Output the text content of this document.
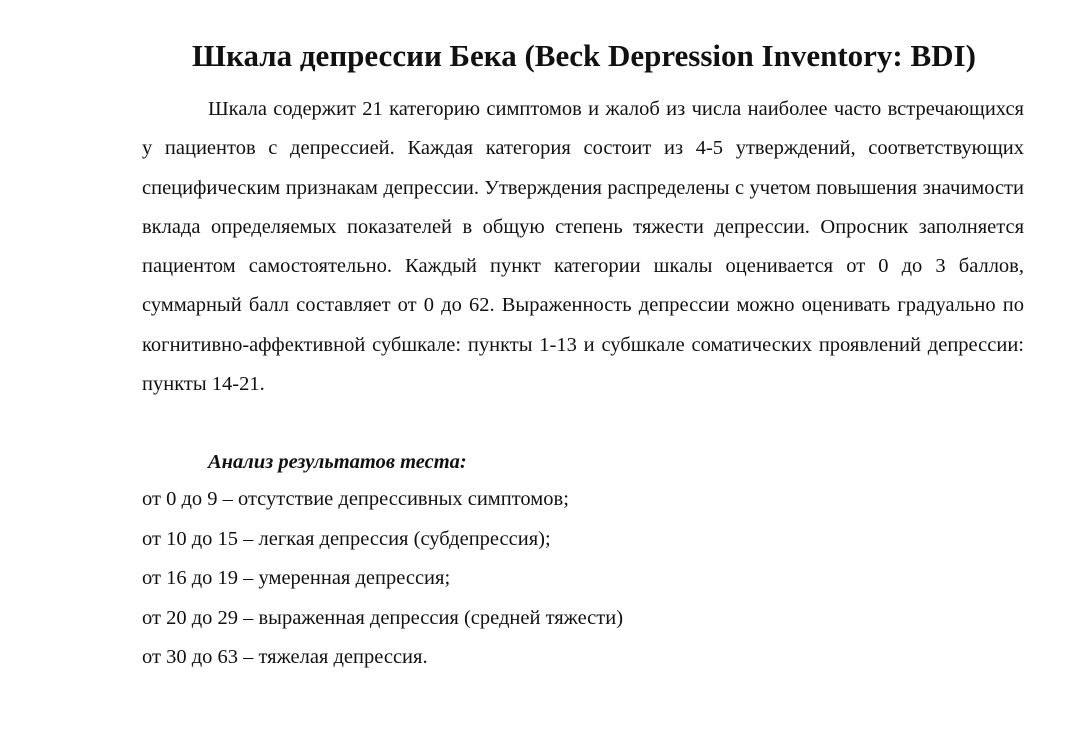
Шкала депрессии Бека (Beck Depression Inventory: BDI)

Шкала содержит 21 категорию симптомов и жалоб из числа наиболее часто встречающихся у пациентов с депрессией. Каждая категория состоит из 4-5 утверждений, соответствующих специфическим признакам депрессии. Утверждения распределены с учетом повышения значимости вклада определяемых показателей в общую степень тяжести депрессии. Опросник заполняется пациентом самостоятельно. Каждый пункт категории шкалы оценивается от 0 до 3 баллов, суммарный балл составляет от 0 до 62. Выраженность депрессии можно оценивать градуально по когнитивно-аффективной субшкале: пункты 1-13 и субшкале соматических проявлений депрессии: пункты 14-21.

Анализ результатов теста:
от 0 до 9 – отсутствие депрессивных симптомов;
от 10 до 15 – легкая депрессия (субдепрессия);
от 16 до 19 – умеренная депрессия;
от 20 до 29 – выраженная депрессия (средней тяжести)
от 30 до 63 – тяжелая депрессия.
